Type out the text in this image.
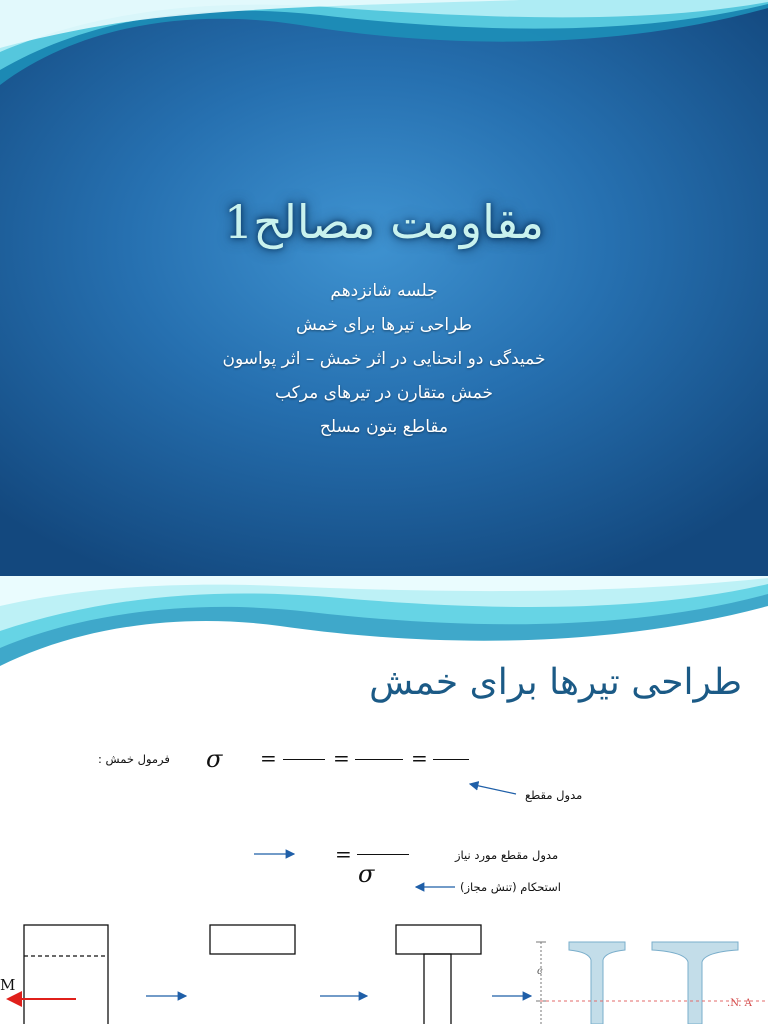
مقاومت مصالح1
جلسه شانزدهم
طراحی تیرها برای خمش
خمیدگی دو انحنایی در اثر خمش – اثر پواسون
خمش متقارن در تیرهای مرکب
مقاطع بتون مسلح
طراحی تیرها برای خمش
فرمول خمش : σ =	=	=
مدول مقطع
=
σ
مدول مقطع مورد نیاز
استحکام (تنش مجاز)
M
c
N. A.
